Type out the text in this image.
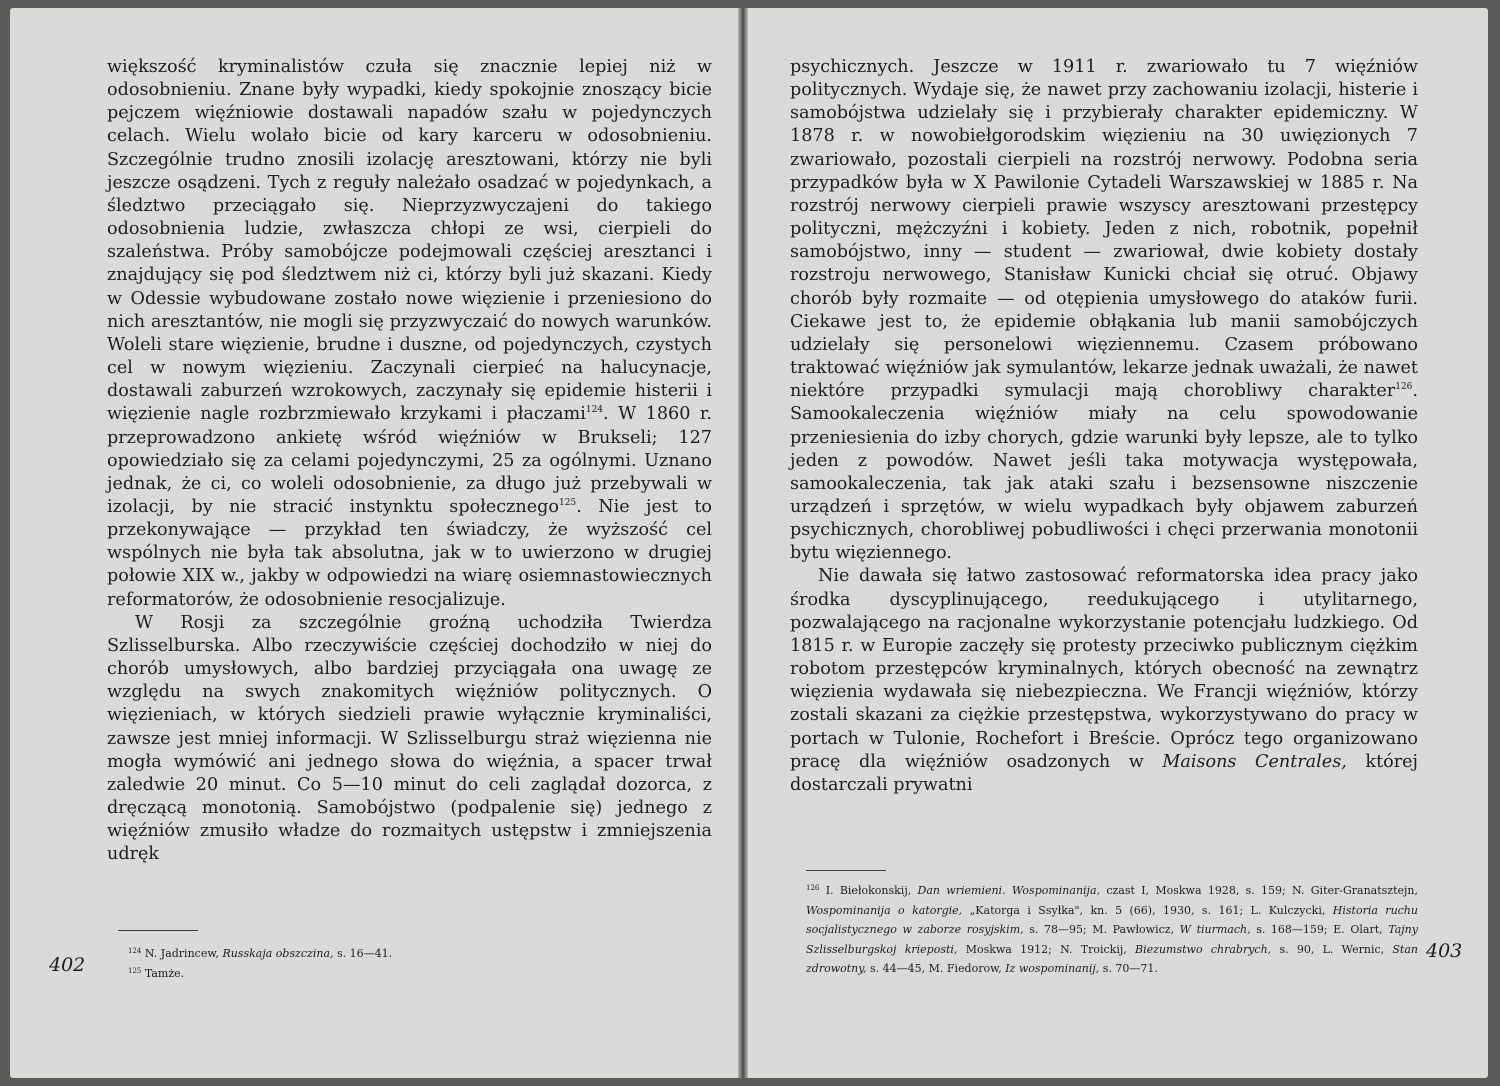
większość kryminalistów czuła się znacznie lepiej niż w odosobnieniu. Znane były wypadki, kiedy spokojnie znoszący bicie pejczem więźniowie dostawali napadów szału w pojedynczych celach. Wielu wolało bicie od kary karceru w odosobnieniu. Szczególnie trudno znosili izolację aresztowani, którzy nie byli jeszcze osądzeni. Tych z reguły należało osadzać w pojedynkach, a śledztwo przeciągało się. Nieprzyzwyczajeni do takiego odosobnienia ludzie, zwłaszcza chłopi ze wsi, cierpieli do szaleństwa. Próby samobójcze podejmowali częściej aresztanci i znajdujący się pod śledztwem niż ci, którzy byli już skazani. Kiedy w Odessie wybudowane zostało nowe więzienie i przeniesiono do nich aresztantów, nie mogli się przyzwyczaić do nowych warunków. Woleli stare więzienie, brudne i duszne, od pojedynczych, czystych cel w nowym więzieniu. Zaczynali cierpieć na halucynacje, dostawali zaburzeń wzrokowych, zaczynały się epidemie histerii i więzienie nagle rozbrzmiewało krzykami i płaczami$^{124}$. W 1860 r. przeprowadzono ankietę wśród więźniów w Brukseli; 127 opowiedziało się za celami pojedynczymi, 25 za ogólnymi. Uznano jednak, że ci, co woleli odosobnienie, za długo już przebywali w izolacji, by nie stracić instynktu społecznego$^{125}$. Nie jest to przekonywające — przykład ten świadczy, że wyższość cel wspólnych nie była tak absolutna, jak w to uwierzono w drugiej połowie XIX w., jakby w odpowiedzi na wiarę osiemnastowiecznych reformatorów, że odosobnienie resocjalizuje.

W Rosji za szczególnie groźną uchodziła Twierdza Szlisselburska. Albo rzeczywiście częściej dochodziło w niej do chorób umysłowych, albo bardziej przyciągała ona uwagę ze względu na swych znakomitych więźniów politycznych. O więzieniach, w których siedzieli prawie wyłącznie kryminaliści, zawsze jest mniej informacji. W Szlisselburgu straż więzienna nie mogła wymówić ani jednego słowa do więźnia, a spacer trwał zaledwie 20 minut. Co 5—10 minut do celi zaglądał dozorca, z dręczącą monotonią. Samobójstwo (podpalenie się) jednego z więźniów zmusiło władze do rozmaitych ustępstw i zmniejszenia udręk

$^{124}$ N. Jadrincew, Russkaja obszczina, s. 16—41.

$^{125}$ Tamże.

402

psychicznych. Jeszcze w 1911 r. zwariowało tu 7 więźniów politycznych. Wydaje się, że nawet przy zachowaniu izolacji, histerie i samobójstwa udzielały się i przybierały charakter epidemiczny. W 1878 r. w nowobiełgorodskim więzieniu na 30 uwięzionych 7 zwariowało, pozostali cierpieli na rozstrój nerwowy. Podobna seria przypadków była w X Pawilonie Cytadeli Warszawskiej w 1885 r. Na rozstrój nerwowy cierpieli prawie wszyscy aresztowani przestępcy polityczni, mężczyźni i kobiety. Jeden z nich, robotnik, popełnił samobójstwo, inny — student — zwariował, dwie kobiety dostały rozstroju nerwowego, Stanisław Kunicki chciał się otruć. Objawy chorób były rozmaite — od otępienia umysłowego do ataków furii. Ciekawe jest to, że epidemie obłąkania lub manii samobójczych udzielały się personelowi więziennemu. Czasem próbowano traktować więźniów jak symulantów, lekarze jednak uważali, że nawet niektóre przypadki symulacji mają chorobliwy charakter$^{126}$. Samookaleczenia więźniów miały na celu spowodowanie przeniesienia do izby chorych, gdzie warunki były lepsze, ale to tylko jeden z powodów. Nawet jeśli taka motywacja występowała, samookaleczenia, tak jak ataki szału i bezsensowne niszczenie urządzeń i sprzętów, w wielu wypadkach były objawem zaburzeń psychicznych, chorobliwej pobudliwości i chęci przerwania monotonii bytu więziennego.

Nie dawała się łatwo zastosować reformatorska idea pracy jako środka dyscyplinującego, reedukującego i utylitarnego, pozwalającego na racjonalne wykorzystanie potencjału ludzkiego. Od 1815 r. w Europie zaczęły się protesty przeciwko publicznym ciężkim robotom przestępców kryminalnych, których obecność na zewnątrz więzienia wydawała się niebezpieczna. We Francji więźniów, którzy zostali skazani za ciężkie przestępstwa, wykorzystywano do pracy w portach w Tulonie, Rochefort i Breście. Oprócz tego organizowano pracę dla więźniów osadzonych w Maisons Centrales, której dostarczali prywatni

$^{126}$ I. Biełokonskij, Dan wriemieni. Wospominanija, czast I, Moskwa 1928, s. 159; N. Giter-Granatsztejn, Wospominanija o katorgie, „Katorga i Ssyłka", kn. 5 (66), 1930, s. 161; L. Kulczycki, Historia ruchu socjalistycznego w zaborze rosyjskim, s. 78—95; M. Pawłowicz, W tiurmach, s. 168—159; E. Olart, Tajny Szlisselburgskoj krieposti, Moskwa 1912; N. Troickij, Biezumstwo chrabrych, s. 90, L. Wernic, Stan zdrowotny, s. 44—45, M. Fiedorow, Iz wospominanij, s. 70—71.

403
